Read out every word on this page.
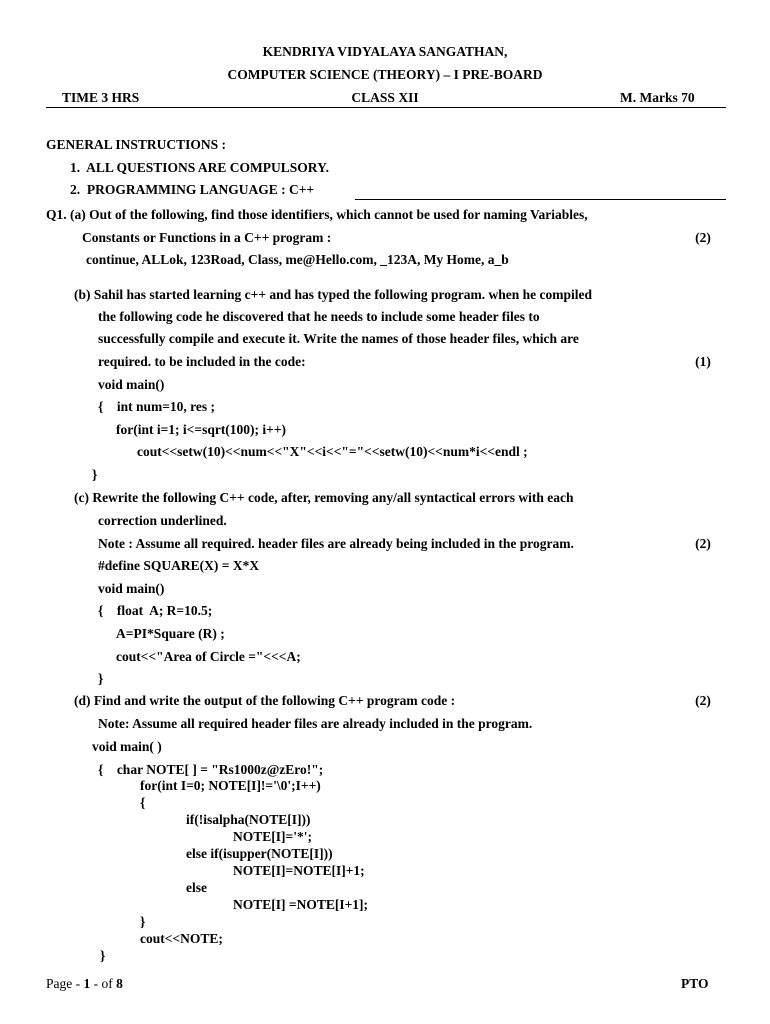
KENDRIYA VIDYALAYA SANGATHAN,
COMPUTER SCIENCE (THEORY) – I PRE-BOARD
TIME 3 HRS	CLASS XII	M. Marks 70
GENERAL INSTRUCTIONS :
1.  ALL QUESTIONS ARE COMPULSORY.
2.  PROGRAMMING LANGUAGE : C++
Q1. (a) Out of the following, find those identifiers, which cannot be used for naming Variables,
Constants or Functions in a C++ program :	(2)
continue, ALLok, 123Road, Class, me@Hello.com, _123A, My Home, a_b
(b) Sahil has started learning c++ and has typed the following program. when he compiled
the following code he discovered that he needs to include some header files to
successfully compile and execute it. Write the names of those header files, which are
required. to be included in the code:	(1)
void main()
{    int num=10, res ;
for(int i=1; i<=sqrt(100); i++)
cout<<setw(10)<<num<<"X"<<i<<"="<<setw(10)<<num*i<<endl ;
}
(c) Rewrite the following C++ code, after, removing any/all syntactical errors with each
correction underlined.
Note : Assume all required. header files are already being included in the program.	(2)
#define SQUARE(X) = X*X
void main()
{    float  A; R=10.5;
A=PI*Square (R) ;
cout<<"Area of Circle ="<<<A;
}
(d) Find and write the output of the following C++ program code :	(2)
Note: Assume all required header files are already included in the program.
void main( )
{    char NOTE[ ] = "Rs1000z@zEro!";
for(int I=0; NOTE[I]!='\0';I++)
{
if(!isalpha(NOTE[I]))
NOTE[I]='*';
else if(isupper(NOTE[I]))
NOTE[I]=NOTE[I]+1;
else
NOTE[I] =NOTE[I+1];
}
cout<<NOTE;
}
Page - 1 - of 8	PTO
